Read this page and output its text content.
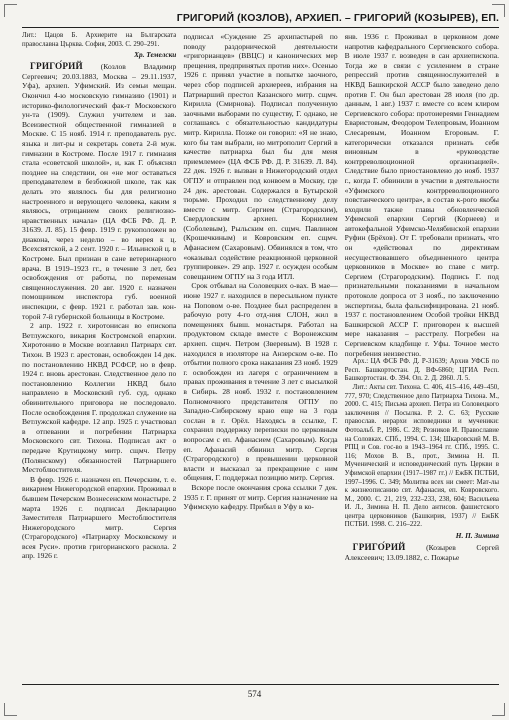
ГРИГОРИЙ (КОЗЛОВ), АРХИЕП. – ГРИГОРИЙ (КОЗЫРЕВ), ЕП.

Лит.: Цацов Б. Архиерите на Българската православна Църква. София, 2003. С. 290–291.

Хр. Темелски

ГРИГО́РИЙ (Козлов Владимир Сергеевич; 20.03.1883, Москва – 29.11.1937, Уфа), архиеп. Уфимский. Из семьи мещан. Окончил 4-ю московскую гимназию (1901) и историко-филологический фак-т Московского ун-та (1909). Служил учителем и зав. Всеизвестной общественной гимназией в Москве. С 15 нояб. 1914 г. преподаватель рус. языка и лит-ры и секретарь совета 2-й муж. гимназии в Костроме. После 1917 г. гимназия стала «советской школой», и, как Г. объяснял позднее на следствии, он «не мог оставаться преподавателем в безбожной школе, так как делать это являлось бы для религиозно настроенного и верующего человека, каким я являюсь, отрицанием своих религиозно-нравственных начала» (ЦА ФСБ РФ. Д. Р. 31639. Л. 85). 15 февр. 1919 г. рукоположен во диакона, через неделю – во иерея к ц. Всехсвятской, а 2 сент. 1920 г. – Ильинской ц. в Костроме. Был признан в сане ветеринарного врача. В 1919–1923 гг., в течение 3 лет, без освобождения от работы, по переменам священнослужения. 20 авг. 1920 г. назначен помощником инспектора губ. военной инспекции, с февр. 1921 г. работал зав. конторой 7-й губернской больницы в Костроме.

2 апр. 1922 г. хиротонисан во епископа Ветлужского, викария Костромской епархии. Хиротонию в Москве возглавил Патриарх свт. Тихон. В 1923 г. арестован, освобожден 14 дек. по постановлению НКВД РСФСР, но в февр. 1924 г. вновь арестован. Следственное дело по постановлению Коллегии НКВД было направлено в Московский губ. суд, однако обвинительного приговора не последовало. После освобождения Г. продолжал служение на Ветлужской кафедре. 12 апр. 1925 г. участвовал в отпевании и погребении Патриарха Московского свт. Тихона. Подписал акт о передаче Крутицкому митр. сщмч. Петру (Полянскому) обязанностей Патриаршего Местоблюстителя.

В февр. 1926 г. назначен еп. Печерским, т. е. викарием Нижегородской епархии. Проживал в бывшем Печерском Вознесенском монастыре. 2 марта 1926 г. подписал Декларацию Заместителя Патриаршего Местоблюстителя Нижегородского митр. Сергия (Страгородского) «Патриарху Московскому и всея Руси». против григорианского раскола. 2 апр. 1926 г.

подписал «Суждение 25 архипастырей по поводу раздорнической деятельности «григорианцев» (ВВЦС) и канонических мер прещения, предпринятых против них». Осенью 1926 г. принял участие в попытке заочного, через сбор подписей архиереев, избрания на Патриарший престол Казанского митр. сщмч. Кирилла (Смирнова). Подписал полученную заочными выборами по существу, Г. однако, не соглашаясь с обязательностью кандидатуры митр. Кирилла. Позже он говорил: «Я не знаю, кого бы там выбрали, но митрополит Сергий в качестве патриарха был бы для меня приемлемее» (ЦА ФСБ РФ. Д. Р. 31639. Л. 84). 22 дек. 1926 г. вызван в Нижегородский отдел ОГПУ и отправлен под конвоем в Москву, где 24 дек. арестован. Содержался в Бутырской тюрьме. Проходил по следственному делу вместе с митр. Сергием (Страгородским), Свердловским архиеп. Корнилием (Соболевым), Рыльским еп. сщмч. Павлином (Крошечкиным) и Ковровским еп. сщмч. Афанасием (Сахаровым). Обвинялся в том, что «оказывал содействие реакционной церковной группировке». 29 апр. 1927 г. осужден особым совещанием ОГПУ на 3 года ИТЛ.

Срок отбывал на Соловецких о-вах. В мае—июне 1927 г. находился в пересыльном пункте на Поповом о-ве. Позднее был распределен в рабочую роту 4-го отд-ния СЛОН, жил в помещениях бывш. монастыря. Работал на продуктовом складе вместе с Воронежским архиеп. сщмч. Петром (Зверевым). В 1928 г. находился в изоляторе на Анзерском о-ве. По отбытии полного срока наказания 23 нояб. 1929 г. освобожден из лагеря с ограничением в правах проживания в течение 3 лет с высылкой в Сибирь. 28 нояб. 1932 г. постановлением Полномочного представителя ОГПУ по Западно-Сибирскому краю еще на 3 года сослан в г. Орёл. Находясь в ссылке, Г. сохранил поддержку переписки по церковным вопросам с еп. Афанасием (Сахаровым). Когда еп. Афанасий обвинил митр. Сергия (Страгородского) в превышении церковной власти и высказал за прекращение с ним общения, Г. поддержал позицию митр. Сергия.

Вскоре после окончания срока ссылки 7 дек. 1935 г. Г. принят от митр. Сергия назначение на Уфимскую кафедру. Прибыл в Уфу в ко-

янв. 1936 г. Проживал в церковном доме напротив кафедрального Сергиевского собора. В июле 1937 г. возведен в сан архиепископа. Тогда же в связи с усилением в стране репрессий против священнослужителей в НКВД Башкирской АССР было заведено дело против Г. Он был арестован 28 июля (по др. данным, 1 авг.) 1937 г. вместе со всем клиром Сергиевского собора: протоиереями Геннадием Еваристовым, Феодором Телепровым, Иоанном Слесаревым, Иоанном Егоровым. Г. категорически отказался признать себя виновным в «руководстве контрреволюционной организацией». Следствие было приостановлено до нояб. 1937 г., когда Г. обвинили в участии в деятельности «Уфимского контрреволюционного повстанческого центра», в состав к-рого якобы входили также главы обновленческой Уфимской епархии Сергий (Корнеев) и автокефальной Уфимско-Челябинской епархии Руфин (Брёхов). От Г. требовали признать, что он «действовал по директивам несуществовавшего объединенного центра церковников в Москве» во главе с митр. Сергием (Страгородским). Подпись Г. под признательными показаниями в начальном протоколе допроса от 3 нояб., по заключению экспертизы, была фальсифицирована. 21 нояб. 1937 г. постановлением Особой тройки НКВД Башкирской АССР Г. приговорен к высшей мере наказания – расстрелу. Погребен на Сергиевском кладбище г. Уфы. Точное место погребения неизвестно.

Арх.: ЦА ФСБ РФ. Д. Р-31639; Архив УФСБ по Респ. Башкортостан. Д. ВФ-6860; ЦГИА Респ. Башкортостан. Ф. 394. Оп. 2. Д. 2860. Л. 5.

Лит.: Акты свт. Тихона. С. 406, 415–416, 449–450, 777, 970; Следственное дело Патриарха Тихона. М., 2000. С. 415; Письма архиеп. Петра из Соловецкого заключения // Посылка. Р. 2. С. 63; Русские православ. иерархи исповедники и мученики: Фотоальб. Р., 1986. С. 28; Резников И. Православие на Соловках. СПб., 1994. С. 134; Шкаровский М. В. РПЦ и Сов. гос-во в 1943–1964 гг. СПб., 1995. С. 116; Мохов В. В., прот., Зимина Н. П. Мученический и исповеднический путь Церкви в Уфимской епархии (1917–1987 гг.) // ЕжБК ПСТБИ, 1997–1996. С. 349; Молитва всех ни смеет: Мат-лы к жизнеописанию свт. Афанасия, еп. Ковровского. М., 2000. С. 21, 219, 232–233, 238, 604; Васильева И. Л., Зимина Н. П. Дело антисов. фашистского центра церковников (Башкирия, 1937) // ЕжБК ПСТБИ. 1998. С. 216–222.

Н. П. Зимина

ГРИГО́РИЙ	(Козырев Сергей Алексеевич; 13.09.1882, с. Пожарье

574
